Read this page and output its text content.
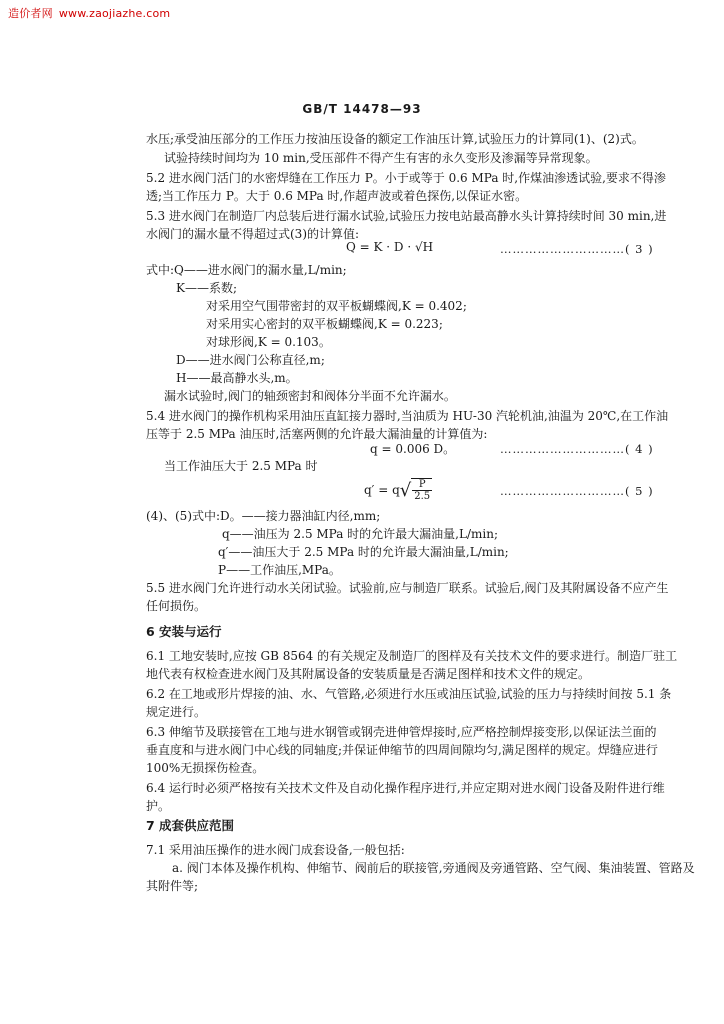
造价者网 www.zaojiazhe.com
GB/T 14478—93
水压;承受油压部分的工作压力按油压设备的额定工作油压计算,试验压力的计算同(1)、(2)式。
试验持续时间均为 10 min,受压部件不得产生有害的永久变形及渗漏等异常现象。
5.2 进水阀门活门的水密焊缝在工作压力 P。小于或等于 0.6 MPa 时,作煤油渗透试验,要求不得渗
透;当工作压力 P。大于 0.6 MPa 时,作超声波或着色探伤,以保证水密。
5.3 进水阀门在制造厂内总装后进行漏水试验,试验压力按电站最高静水头计算持续时间 30 min,进
水阀门的漏水量不得超过式(3)的计算值:
Q = K · D · √H	…………………………( 3 )
式中:Q——进水阀门的漏水量,L/min;
K——系数;
对采用空气围带密封的双平板蝴蝶阀,K = 0.402;
对采用实心密封的双平板蝴蝶阀,K = 0.223;
对球形阀,K = 0.103。
D——进水阀门公称直径,m;
H——最高静水头,m。
漏水试验时,阀门的轴颈密封和阀体分半面不允许漏水。
5.4 进水阀门的操作机构采用油压直缸接力器时,当油质为 HU-30 汽轮机油,油温为 20℃,在工作油
压等于 2.5 MPa 油压时,活塞两侧的允许最大漏油量的计算值为:
q = 0.006 D。	…………………………( 4 )
当工作油压大于 2.5 MPa 时
$q' = q√ \frac{P}{2.5}$	…………………………( 5 )
(4)、(5)式中:D。——接力器油缸内径,mm;
q——油压为 2.5 MPa 时的允许最大漏油量,L/min;
q′——油压大于 2.5 MPa 时的允许最大漏油量,L/min;
P——工作油压,MPa。
5.5 进水阀门允许进行动水关闭试验。试验前,应与制造厂联系。试验后,阀门及其附属设备不应产生
任何损伤。
6 安装与运行
6.1 工地安装时,应按 GB 8564 的有关规定及制造厂的图样及有关技术文件的要求进行。制造厂驻工
地代表有权检查进水阀门及其附属设备的安装质量是否满足图样和技术文件的规定。
6.2 在工地或形片焊接的油、水、气管路,必须进行水压或油压试验,试验的压力与持续时间按 5.1 条
规定进行。
6.3 伸缩节及联接管在工地与进水钢管或钢壳进伸管焊接时,应严格控制焊接变形,以保证法兰面的
垂直度和与进水阀门中心线的同轴度;并保证伸缩节的四周间隙均匀,满足图样的规定。焊缝应进行
100%无损探伤检查。
6.4 运行时必须严格按有关技术文件及自动化操作程序进行,并应定期对进水阀门设备及附件进行维
护。
7 成套供应范围
7.1 采用油压操作的进水阀门成套设备,一般包括:
a. 阀门本体及操作机构、伸缩节、阀前后的联接管,旁通阀及旁通管路、空气阀、集油装置、管路及
其附件等;
